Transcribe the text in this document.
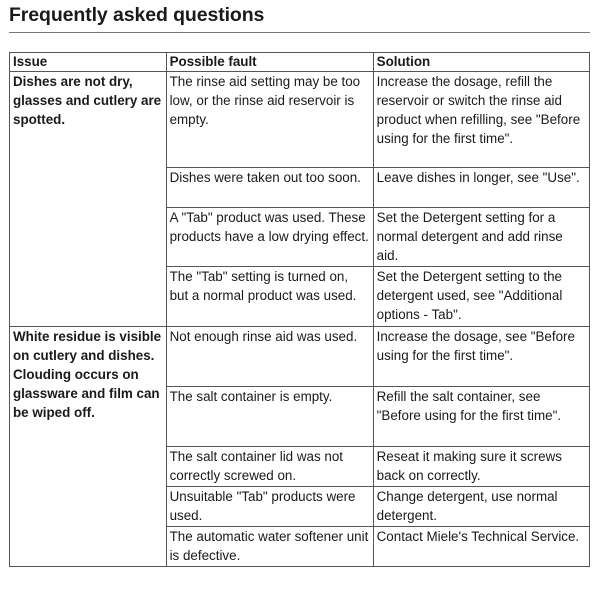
Frequently asked questions
Issue	Possible fault	Solution
Dishes are not dry, glasses and cutlery are spotted.	The rinse aid setting may be too low, or the rinse aid reservoir is empty.	Increase the dosage, refill the reservoir or switch the rinse aid product when refilling, see "Before using for the first time".
	Dishes were taken out too soon.	Leave dishes in longer, see "Use".
	A "Tab" product was used. These products have a low drying effect.	Set the Detergent setting for a normal detergent and add rinse aid.
	The "Tab" setting is turned on, but a normal product was used.	Set the Detergent setting to the detergent used, see "Additional options - Tab".
White residue is visible on cutlery and dishes. Clouding occurs on glassware and film can be wiped off.	Not enough rinse aid was used.	Increase the dosage, see "Before using for the first time".
	The salt container is empty.	Refill the salt container, see "Before using for the first time".
	The salt container lid was not correctly screwed on.	Reseat it making sure it screws back on correctly.
	Unsuitable "Tab" products were used.	Change detergent, use normal detergent.
	The automatic water softener unit is defective.	Contact Miele's Technical Service.
